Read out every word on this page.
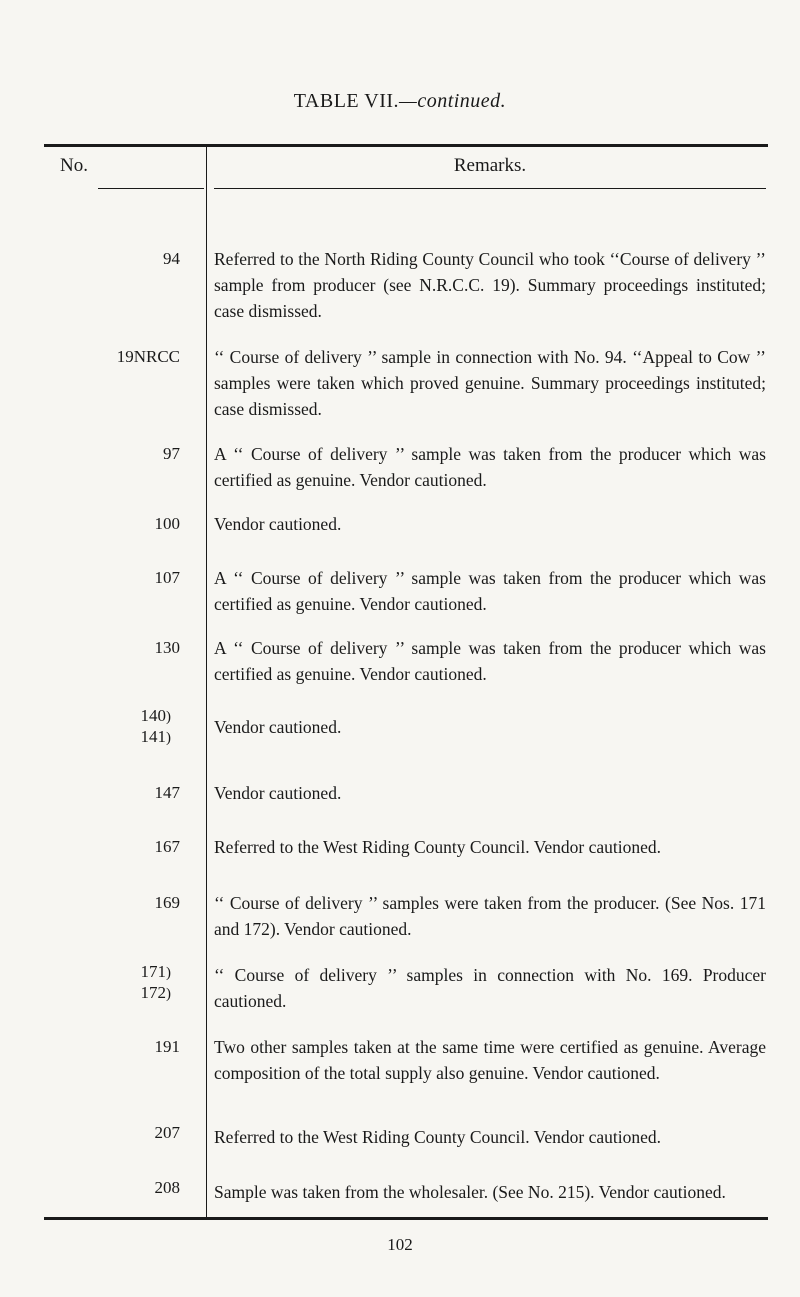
TABLE VII.—continued.
No.	Remarks.
94 Referred to the North Riding County Council who took ‘‘Course of delivery ’’ sample from producer (see N.R.C.C. 19). Summary proceedings instituted; case dismissed.
19NRCC ‘‘ Course of delivery ’’ sample in connection with No. 94. ‘‘Appeal to Cow ’’ samples were taken which proved genuine. Summary proceedings instituted; case dismissed.
97 A ‘‘ Course of delivery ’’ sample was taken from the producer which was certified as genuine. Vendor cautioned.
100 Vendor cautioned.
107 A ‘‘ Course of delivery ’’ sample was taken from the producer which was certified as genuine. Vendor cautioned.
130 A ‘‘ Course of delivery ’’ sample was taken from the producer which was certified as genuine. Vendor cautioned.
140)
141)
Vendor cautioned.
147 Vendor cautioned.
167 Referred to the West Riding County Council. Vendor cautioned.
169 ‘‘ Course of delivery ’’ samples were taken from the producer. (See Nos. 171 and 172). Vendor cautioned.
171)
172)
‘‘ Course of delivery ’’ samples in connection with No. 169. Producer cautioned.
191 Two other samples taken at the same time were certified as genuine. Average composition of the total supply also genuine. Vendor cautioned.
207 Referred to the West Riding County Council. Vendor cautioned.
208 Sample was taken from the wholesaler. (See No. 215). Vendor cautioned.
102
